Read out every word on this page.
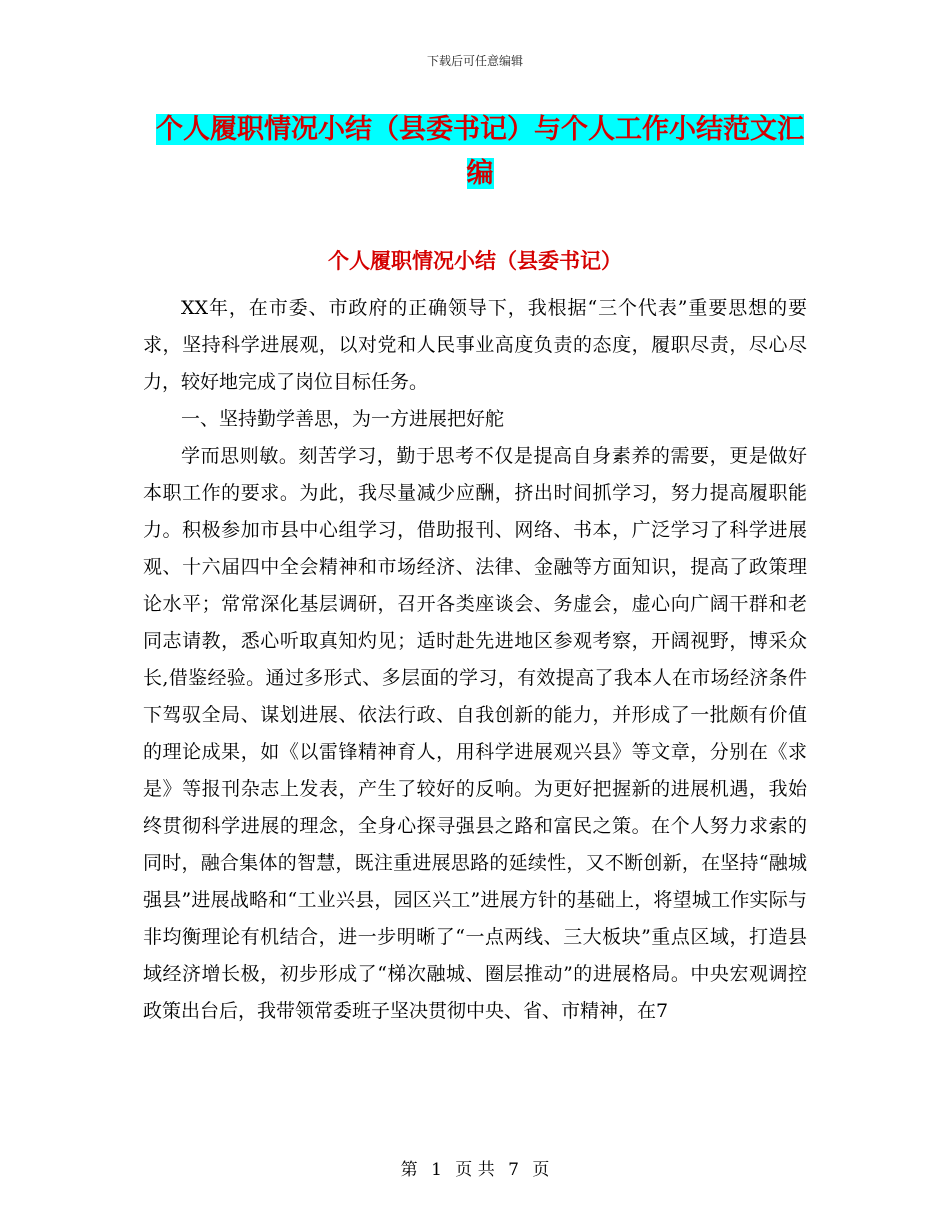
下载后可任意编辑
个人履职情况小结（县委书记）与个人工作小结范文汇编
个人履职情况小结（县委书记）

XX年，在市委、市政府的正确领导下，我根据“三个代表”重要思想的要求，坚持科学进展观，以对党和人民事业高度负责的态度，履职尽责，尽心尽力，较好地完成了岗位目标任务。

一、坚持勤学善思，为一方进展把好舵

学而思则敏。刻苦学习，勤于思考不仅是提高自身素养的需要，更是做好本职工作的要求。为此，我尽量减少应酬，挤出时间抓学习，努力提高履职能力。积极参加市县中心组学习，借助报刊、网络、书本，广泛学习了科学进展观、十六届四中全会精神和市场经济、法律、金融等方面知识，提高了政策理论水平；常常深化基层调研，召开各类座谈会、务虚会，虚心向广阔干群和老同志请教，悉心听取真知灼见；适时赴先进地区参观考察，开阔视野，博采众长,借鉴经验。通过多形式、多层面的学习，有效提高了我本人在市场经济条件下驾驭全局、谋划进展、依法行政、自我创新的能力，并形成了一批颇有价值的理论成果，如《以雷锋精神育人，用科学进展观兴县》等文章，分别在《求是》等报刊杂志上发表，产生了较好的反响。为更好把握新的进展机遇，我始终贯彻科学进展的理念，全身心探寻强县之路和富民之策。在个人努力求索的同时，融合集体的智慧，既注重进展思路的延续性，又不断创新，在坚持“融城强县”进展战略和“工业兴县，园区兴工”进展方针的基础上，将望城工作实际与非均衡理论有机结合，进一步明晰了“一点两线、三大板块”重点区域，打造县域经济增长极，初步形成了“梯次融城、圈层推动”的进展格局。中央宏观调控政策出台后，我带领常委班子坚决贯彻中央、省、市精神，在7

第 1 页 共 7 页
